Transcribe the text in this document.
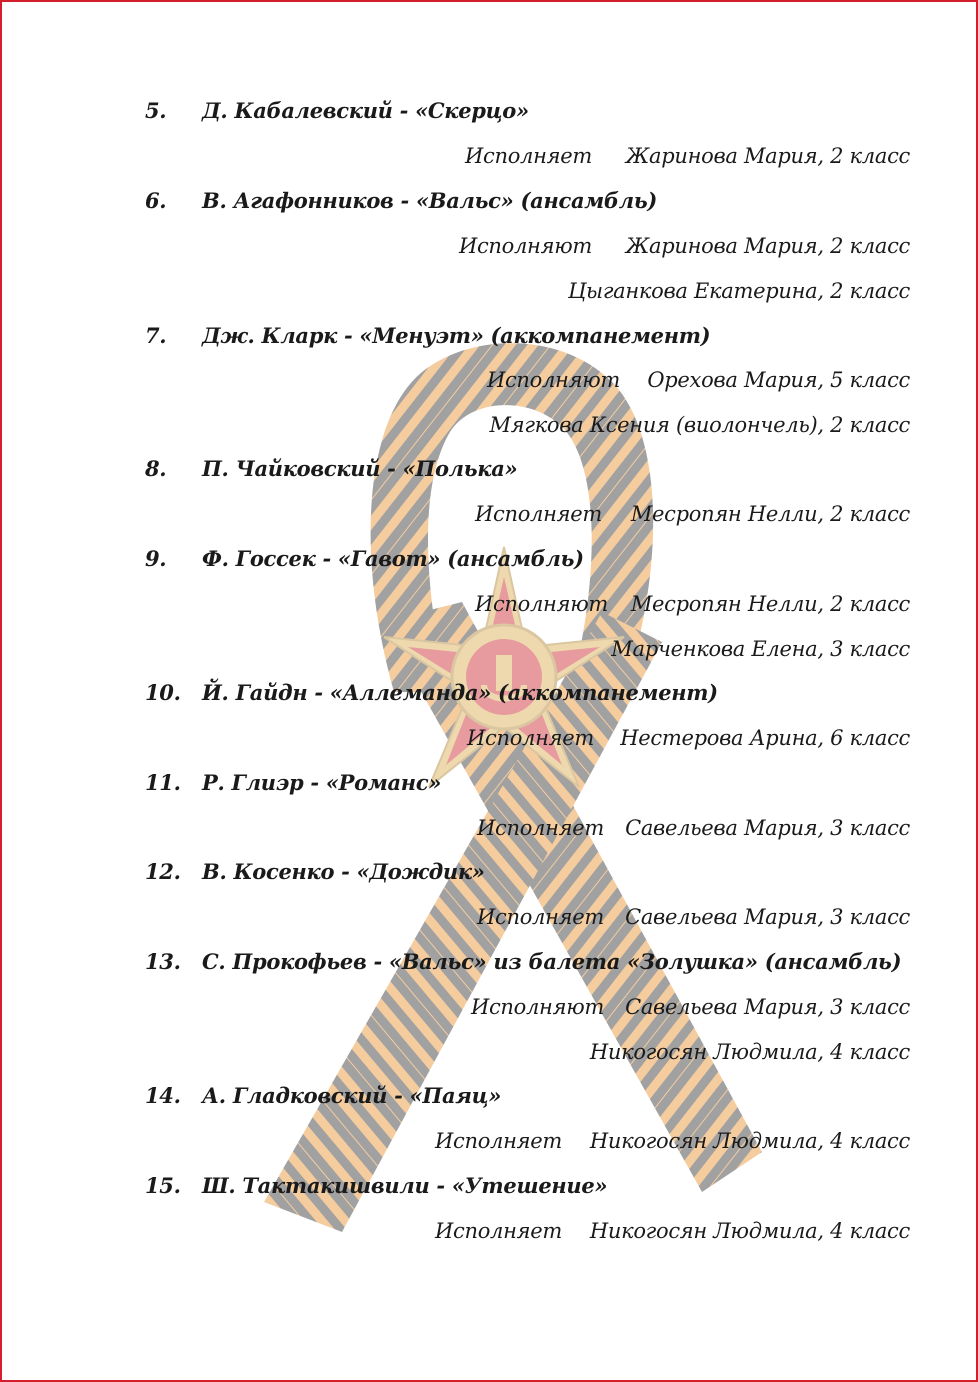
5. Д. Кабалевский - «Скерцо»
Исполняет Жаринова Мария, 2 класс
6. В. Агафонников - «Вальс» (ансамбль)
Исполняют Жаринова Мария, 2 класс
Цыганкова Екатерина, 2 класс
7. Дж. Кларк - «Менуэт» (аккомпанемент)
Исполняют Орехова Мария, 5 класс
Мягкова Ксения (виолончель), 2 класс
8. П. Чайковский - «Полька»
Исполняет Месропян Нелли, 2 класс
9. Ф. Госсек - «Гавот» (ансамбль)
Исполняют Месропян Нелли, 2 класс
Марченкова Елена, 3 класс
10. Й. Гайдн - «Аллеманда» (аккомпанемент)
Исполняет Нестерова Арина, 6 класс
11. Р. Глиэр - «Романс»
Исполняет Савельева Мария, 3 класс
12. В. Косенко - «Дождик»
Исполняет Савельева Мария, 3 класс
13. С. Прокофьев - «Вальс» из балета «Золушка» (ансамбль)
Исполняют Савельева Мария, 3 класс
Никогосян Людмила, 4 класс
14. А. Гладковский - «Паяц»
Исполняет Никогосян Людмила, 4 класс
15. Ш. Тактакишвили - «Утешение»
Исполняет Никогосян Людмила, 4 класс
